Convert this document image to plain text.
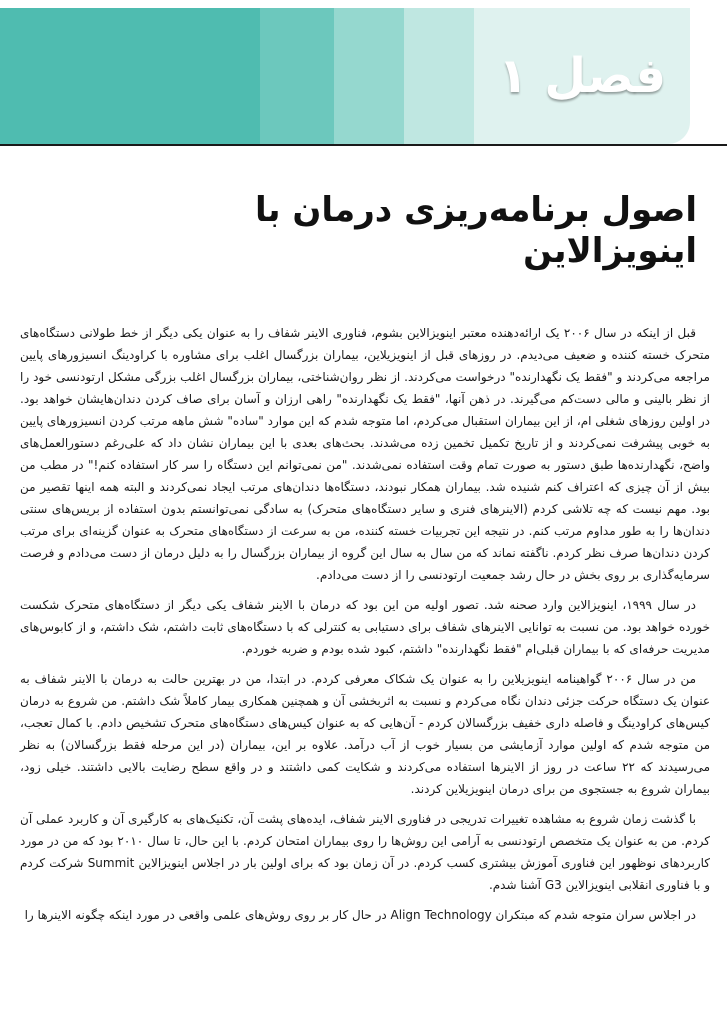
فصل ۱
اصول برنامه‌ریزی درمان با اینویزالاین

قبل از اینکه در سال ۲۰۰۶ یک ارائه‌دهنده معتبر اینویزالاین بشوم، فناوری الاینر شفاف را به عنوان یکی دیگر از خط طولانی دستگاه‌های متحرک خسته کننده و ضعیف می‌دیدم. در روزهای قبل از اینویزیلاین، بیماران بزرگسال اغلب برای مشاوره با کراودینگ انسیزورهای پایین مراجعه می‌کردند و "فقط یک نگهدارنده" درخواست می‌کردند. از نظر روان‌شناختی، بیماران بزرگسال اغلب بزرگی مشکل ارتودنسی خود را از نظر بالینی و مالی دست‌کم می‌گیرند. در ذهن آنها، "فقط یک نگهدارنده" راهی ارزان و آسان برای صاف کردن دندان‌هایشان خواهد بود. در اولین روزهای شغلی ام، از این بیماران استقبال می‌کردم، اما متوجه شدم که این موارد "ساده" شش ماهه مرتب کردن انسیزورهای پایین به خوبی پیشرفت نمی‌کردند و از تاریخ تکمیل تخمین زده می‌شدند. بحث‌های بعدی با این بیماران نشان داد که علی‌رغم دستورالعمل‌های واضح، نگهدارنده‌ها طبق دستور به صورت تمام وقت استفاده نمی‌شدند. "من نمی‌توانم این دستگاه را سر کار استفاده کنم!" در مطب من بیش از آن چیزی که اعتراف کنم شنیده شد. بیماران همکار نبودند، دستگاه‌ها دندان‌های مرتب ایجاد نمی‌کردند و البته همه اینها تقصیر من بود. مهم نیست که چه تلاشی کردم (الاینرهای فنری و سایر دستگاه‌های متحرک) به سادگی نمی‌توانستم بدون استفاده از بریس‌های سنتی دندان‌ها را به طور مداوم مرتب کنم. در نتیجه این تجربیات خسته کننده، من به سرعت از دستگاه‌های متحرک به عنوان گزینه‌ای برای مرتب کردن دندان‌ها صرف نظر کردم. ناگفته نماند که من سال به سال این گروه از بیماران بزرگسال را به دلیل درمان از دست می‌دادم و فرصت سرمایه‌گذاری بر روی بخش در حال رشد جمعیت ارتودنسی را از دست می‌دادم.

در سال ۱۹۹۹، اینویزالاین وارد صحنه شد. تصور اولیه من این بود که درمان با الاینر شفاف یکی دیگر از دستگاه‌های متحرک شکست خورده خواهد بود. من نسبت به توانایی الاینرهای شفاف برای دستیابی به کنترلی که با دستگاه‌های ثابت داشتم، شک داشتم، و از کابوس‌های مدیریت حرفه‌ای که با بیماران قبلی‌ام "فقط نگهدارنده" داشتم، کبود شده بودم و ضربه خوردم.

من در سال ۲۰۰۶ گواهینامه اینویزیلاین را به عنوان یک شکاک معرفی کردم. در ابتدا، من در بهترین حالت به درمان با الاینر شفاف به عنوان یک دستگاه حرکت جزئی دندان نگاه می‌کردم و نسبت به اثربخشی آن و همچنین همکاری بیمار کاملاً شک داشتم. من شروع به درمان کیس‌های کراودینگ و فاصله داری خفیف بزرگسالان کردم - آن‌هایی که به عنوان کیس‌های دستگاه‌های متحرک تشخیص دادم. با کمال تعجب، من متوجه شدم که اولین موارد آزمایشی من بسیار خوب از آب درآمد. علاوه بر این، بیماران (در این مرحله فقط بزرگسالان) به نظر می‌رسیدند که ۲۲ ساعت در روز از الاینرها استفاده می‌کردند و شکایت کمی داشتند و در واقع سطح رضایت بالایی داشتند. خیلی زود، بیماران شروع به جستجوی من برای درمان اینویزیلاین کردند.

با گذشت زمان شروع به مشاهده تغییرات تدریجی در فناوری الاینر شفاف، ایده‌های پشت آن، تکنیک‌های به کارگیری آن و کاربرد عملی آن کردم. من به عنوان یک متخصص ارتودنسی به آرامی این روش‌ها را روی بیماران امتحان کردم. با این حال، تا سال ۲۰۱۰ بود که من در مورد کاربردهای نوظهور این فناوری آموزش بیشتری کسب کردم. در آن زمان بود که برای اولین بار در اجلاس اینویزالاین Summit شرکت کردم و با فناوری انقلابی اینویزالاین G3 آشنا شدم.

در اجلاس سران متوجه شدم که مبتکران Align Technology در حال کار بر روی روش‌های علمی واقعی در مورد اینکه چگونه الاینرها را
